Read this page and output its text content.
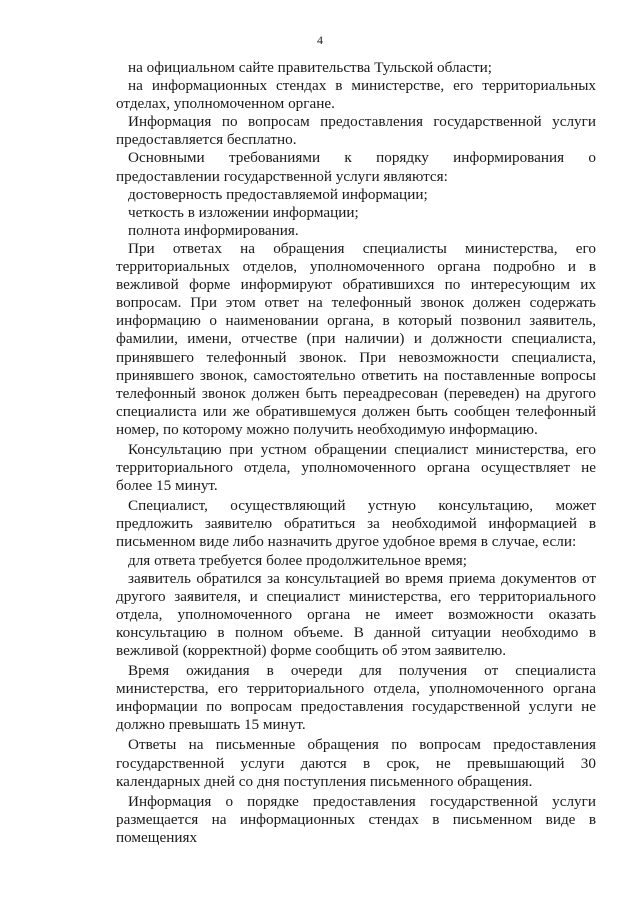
4

на официальном сайте правительства Тульской области;

на информационных стендах в министерстве, его территориальных отделах, уполномоченном органе.

Информация по вопросам предоставления государственной услуги предоставляется бесплатно.

Основными требованиями к порядку информирования о предоставлении государственной услуги являются:

достоверность предоставляемой информации;

четкость в изложении информации;

полнота информирования.

При ответах на обращения специалисты министерства, его территориальных отделов, уполномоченного органа подробно и в вежливой форме информируют обратившихся по интересующим их вопросам. При этом ответ на телефонный звонок должен содержать информацию о наименовании органа, в который позвонил заявитель, фамилии, имени, отчестве (при наличии) и должности специалиста, принявшего телефонный звонок. При невозможности специалиста, принявшего звонок, самостоятельно ответить на поставленные вопросы телефонный звонок должен быть переадресован (переведен) на другого специалиста или же обратившемуся должен быть сообщен телефонный номер, по которому можно получить необходимую информацию.

Консультацию при устном обращении специалист министерства, его территориального отдела, уполномоченного органа осуществляет не более 15 минут.

Специалист, осуществляющий устную консультацию, может предложить заявителю обратиться за необходимой информацией в письменном виде либо назначить другое удобное время в случае, если:

для ответа требуется более продолжительное время;

заявитель обратился за консультацией во время приема документов от другого заявителя, и специалист министерства, его территориального отдела, уполномоченного органа не имеет возможности оказать консультацию в полном объеме. В данной ситуации необходимо в вежливой (корректной) форме сообщить об этом заявителю.

Время ожидания в очереди для получения от специалиста министерства, его территориального отдела, уполномоченного органа информации по вопросам предоставления государственной услуги не должно превышать 15 минут.

Ответы на письменные обращения по вопросам предоставления государственной услуги даются в срок, не превышающий 30 календарных дней со дня поступления письменного обращения.

Информация о порядке предоставления государственной услуги размещается на информационных стендах в письменном виде в помещениях
